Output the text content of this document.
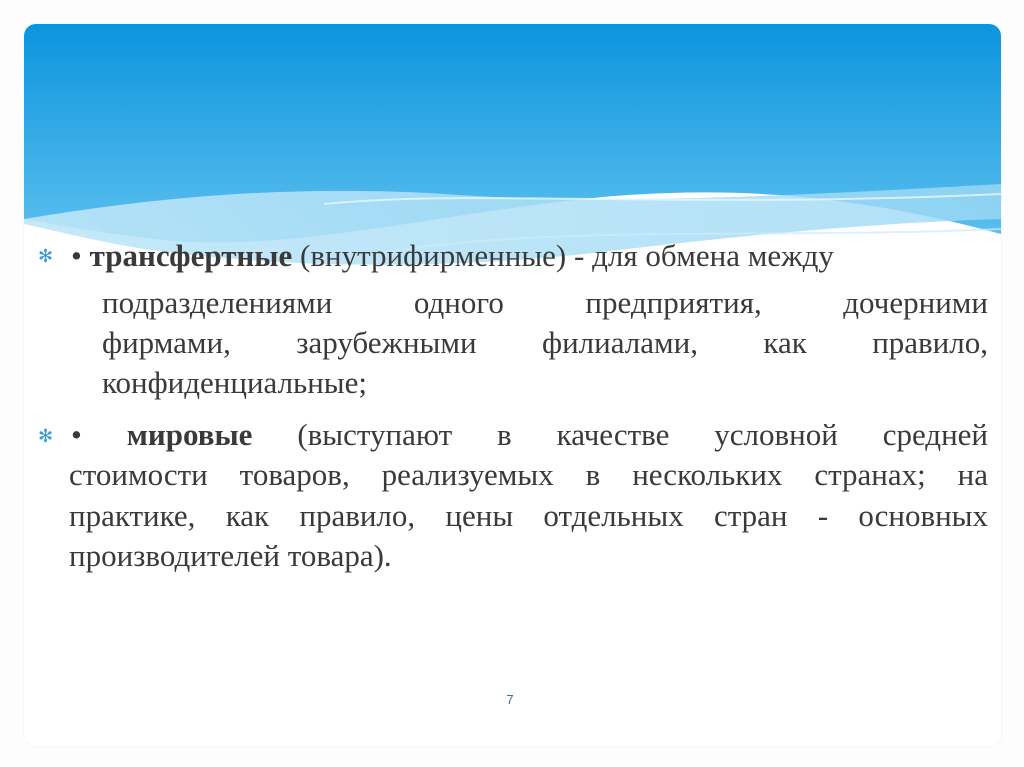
✻ • трансфертные (внутрифирменные) - для обмена между
подразделениями одного предприятия, дочерними
фирмами, зарубежными филиалами, как правило,
конфиденциальные;
✻ • мировые (выступают в качестве условной средней
стоимости товаров, реализуемых в нескольких странах; на
практике, как правило, цены отдельных стран - основных
производителей товара).
7
